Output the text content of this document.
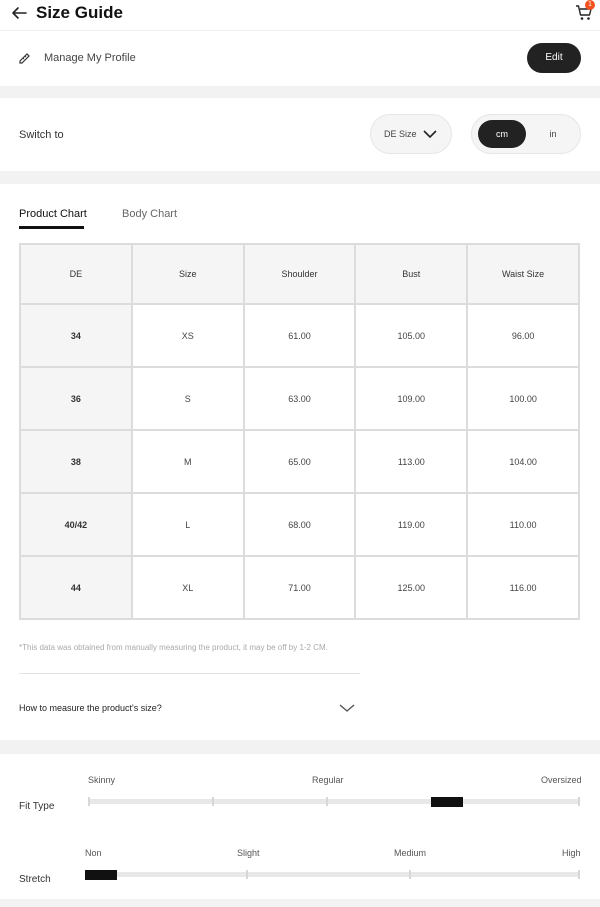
Size Guide	1
Manage My Profile	Edit
Switch to	DE Size	cm	in
Product Chart	Body Chart
DE	Size	Shoulder	Bust	Waist Size
34	XS	61.00	105.00	96.00
36	S	63.00	109.00	100.00
38	M	65.00	113.00	104.00
40/42	L	68.00	119.00	110.00
44	XL	71.00	125.00	116.00
*This data was obtained from manually measuring the product, it may be off by 1-2 CM.
How to measure the product's size?
Skinny	Regular	Oversized
Fit Type
Non	Slight	Medium	High
Stretch
